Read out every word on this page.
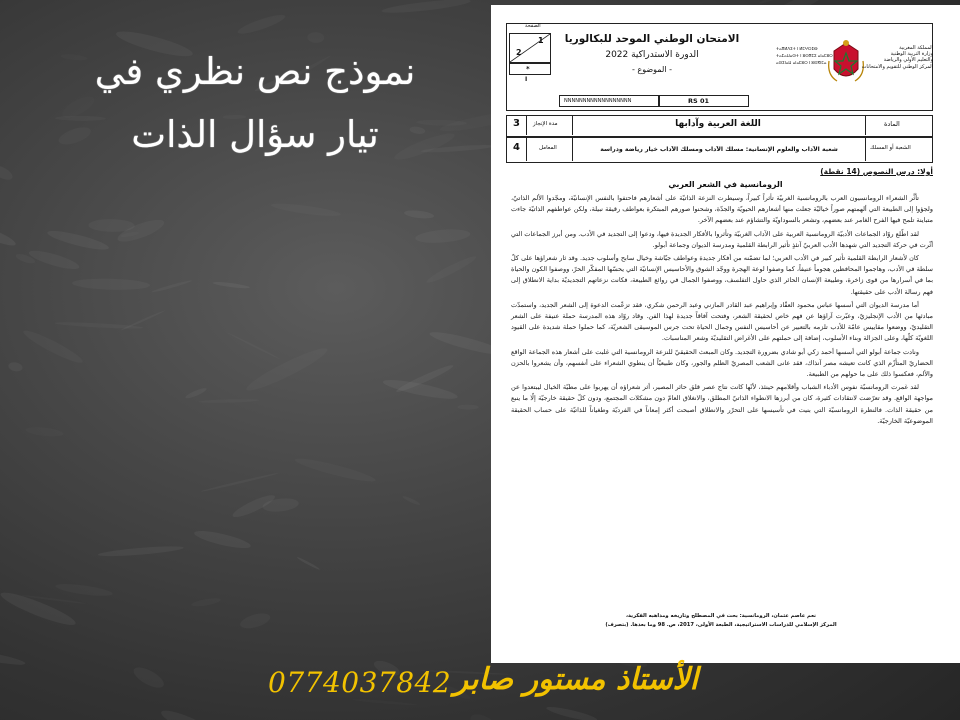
نموذج نص نظري في
تيار سؤال الذات
1
2
الصفحة
*
I
الامتحان الوطني الموحد للبكالوريا
الدورة الاستدراكية 2022
- الموضوع -
NNNNNNNNNNNNNNNNNN	RS 01
المملكة المغربية
وزارة التربية الوطنية
والتعليم الأولي والرياضة
المركز الوطني للتقويم والامتحانات
ⵜⴰⴳⵍⴷⵉⵜ ⵏ ⵍⵎⵖⵔⵉⴱ
ⵜⴰⵎⴰⵡⴰⵙⵜ ⵏ ⵓⵙⴳⵎⵉ ⴰⵏⴰⵎⵓⵔ
ⴰⵙⵉⵏⴰⵡ ⴰⵏⴰⵎⵓⵔ ⵏ ⵓⵙⴳⵏⵎⴰ
3 مدة الإنجاز	اللغة العربية وآدابها	المادة
4	المعامل	شعبة الآداب والعلوم الإنسانية: مسلك الآداب ومسلك الآداب خيار رياضة ودراسة	الشعبة أو المسلك
أولا: درس النصوص (14 نقطة)
الرومانسية في الشعر العربي

تأثَّر الشعراء الرومانسيون العرب بالرومانسية الغربيّة تأثراً كبيراً، وسيطرت النزعة الذاتيّة على أشعارهم فاحتفوا بالنفس الإنسانيّة، ومجّدوا الألم الذاتيّ، ولجؤوا إلى الطبيعة التي ألهمتهم صوراً خياليّة جعلت منها أشعارهم الحيويّة والجدّة، وشحنوا صورهم المبتكرة بعواطف رقيقة نبيلة، ولكن عواطفهم الذاتيّة جاءت متباينة تلمح فيها الفرح الغامر عند بعضهم، وتشعر بالسوداويّة والتشاؤم عند بعضهم الآخر.

لقد اطّلع روّاد الجماعات الأدبيّة الرومانسية العربية على الآداب الغربيّة وتأثروا بالأفكار الجديدة فيها، ودعوا إلى التجديد في الأدب. ومن أبرز الجماعات التي أثّرت في حركة التجديد التي شهدها الأدب العربيّ آنئذٍ تأثير الرابطة القلمية ومدرسة الديوان وجماعة أبولو.

كان لأشعار الرابطة القلمية تأثير كبير في الأدب العربي؛ لما تضمّنه من أفكار جديدة وعواطف جيّاشة وخيال سابح وأسلوب جديد. وقد ثار شعراؤها على كلّ سلطة في الأدب، وهاجموا المحافظين هجوماً عنيفاً، كما وصفوا لوعة الهجرة ووجّد الشوق والأحاسيس الإنسانيّة التي يحسّها المفكّر الحرّ، ووصفوا الكون والحياة بما في أسرارها من قوى زاخرة، وطبيعة الإنسان الحائر الذي حاول التفلسف، ووصفوا الجمال في روائع الطبيعة، فكانت نزعاتهم التجديديّة بداية الانطلاق إلى فهم رسالة الأدب على حقيقتها.

أما مدرسة الديوان التي أسسها عباس محمود العقّاد وإبراهيم عبد القادر المازني وعبد الرحمن شكري، فقد تزعّمت الدعوة إلى الشعر الجديد، واستمدّت مبادئها من الأدب الإنجليزيّ، وعبّرت آراؤها عن فهم خاص لحقيقة الشعر، وفتحت آفاقاً جديدة لهذا الفن. وقاد روّاد هذه المدرسة حملة عنيفة على الشعر التقليديّ، ووضعوا مقاييس عامّة للأدب تلزمه بالتعبير عن أحاسيس النفس وجمال الحياة تحت جرس الموسيقى الشعريّة، كما حملوا حملة شديدة على القيود اللغويّة كلّها، وعلى الجزالة وبناء الأسلوب، إضافة إلى حملتهم على الأغراض التقليديّة وشعر المناسبات.

ونادت جماعة أبولو التي أسسها أحمد زكي أبو شادي بضرورة التجديد. وكان المبعث الحقيقيّ للنزعة الرومانسية التي غلبت على أشعار هذه الجماعة الواقع الحضاريّ المتأزّم الذي كانت تعيشه مصر آنذاك، فقد عانى الشعب المصريّ الظلم والجور، وكان طبيعيّاً أن ينطوي الشعراء على أنفسهم، وأن يشعروا بالحزن والألم، فعكسوا ذلك على ما حولهم من الطبيعة.

لقد غمرت الرومانسيّة نفوس الأدباء الشباب وأقلامهم حينئذ، لأنّها كانت نتاج عصر قلق حائر المصير، أثر شعراؤه أن يهربوا على مطيّة الخيال ليبتعدوا عن مواجهة الواقع. وقد تعرّضت لانتقادات كثيرة، كان من أبرزها الانطواء الذاتيّ المطلق، والانغلاق العامّ دون مشكلات المجتمع، ودون كلّ حقيقة خارجيّة إلّا ما ينبع من حقيقة الذات. فالنظرة الرومانسيّة التي بنيت في تأسيسها على التحرّر والانطلاق أصبحت أكثر إمعاناً في الفرديّة وطغياناً للذاتيّة على حساب الحقيقة الموضوعيّة الخارجيّة.

نعم عاصم عثمان، الرومانسية: بحث في المصطلح وتاريخه ومذاهبه الفكرية،
المركز الإسلامي للدراسات الاستراتيجية، الطبعة الأولى، 2017، ص. 98 وما بعدها. (بتصرف)
0774037842 الأستاذ مستور صابر
